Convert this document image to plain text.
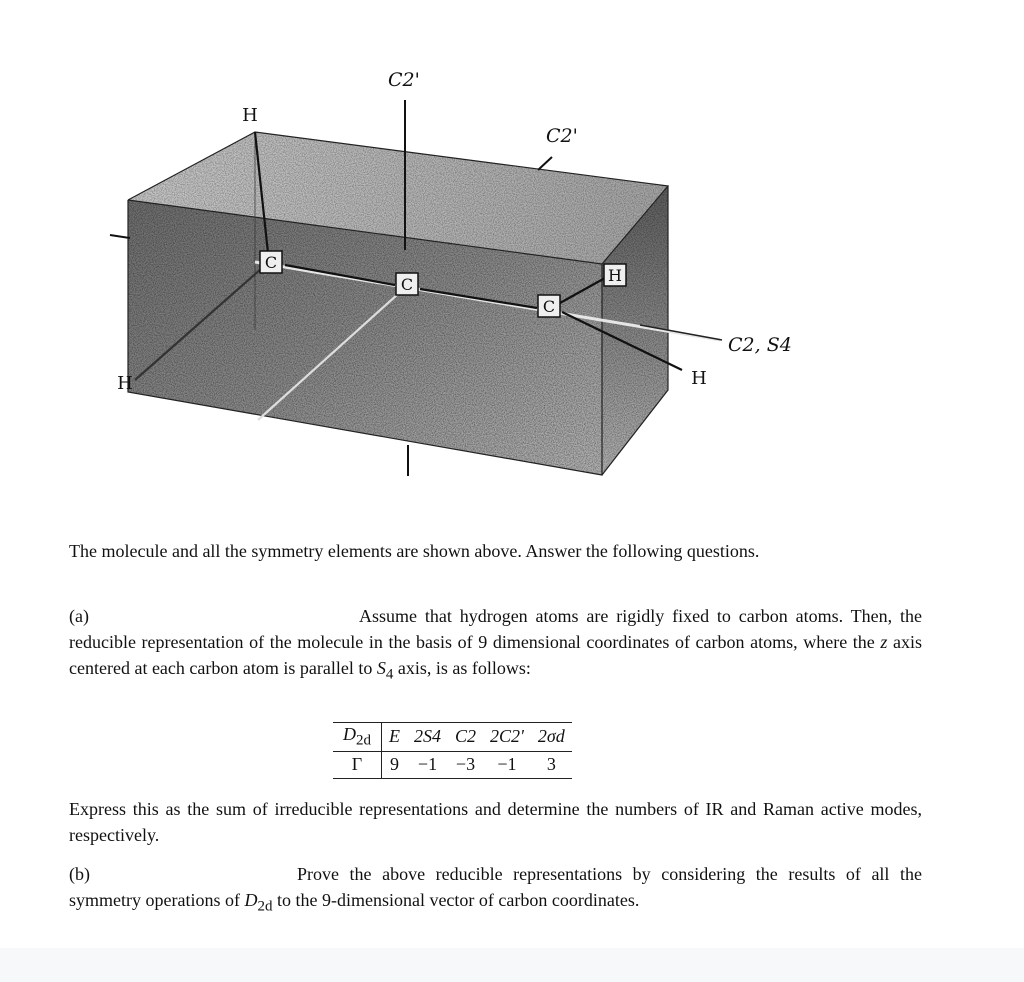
C
C
C
H
H
H	H
C2'
C2'
C2, S4
The molecule and all the symmetry elements are shown above. Answer the following questions.
(a)	Assume that hydrogen atoms are rigidly fixed to carbon atoms. Then, the reducible representation of the molecule in the basis of 9 dimensional coordinates of carbon atoms, where the z axis centered at each carbon atom is parallel to $S_4$ axis, is as follows:
$D_{2d}$	E	2S4	C2	2C2'	2σd
Γ	9	−1	−3	−1	3
Express this as the sum of irreducible representations and determine the numbers of IR and Raman active modes, respectively.
(b)	Prove the above reducible representations by considering the results of all the symmetry operations of $D_{2d}$ to the 9-dimensional vector of carbon coordinates.
